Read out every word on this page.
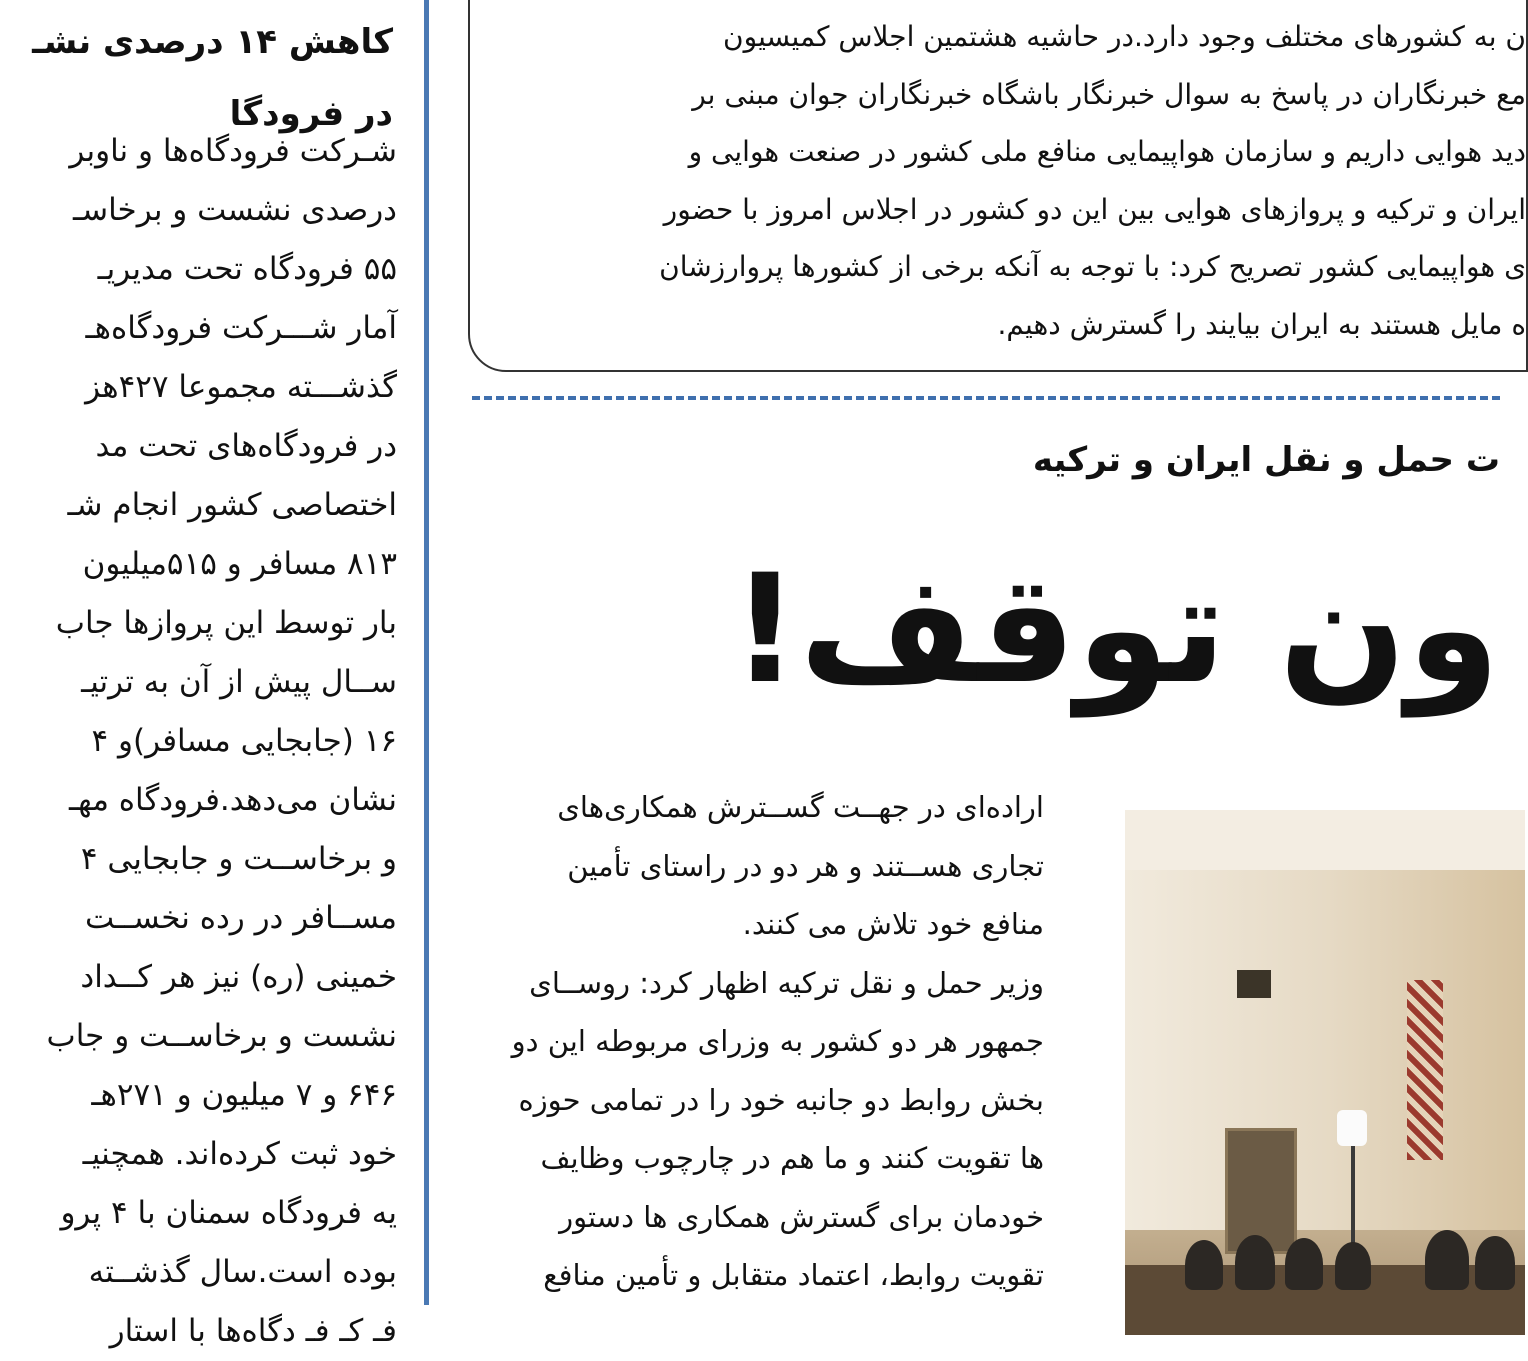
کاهش ۱۴ درصدی نشـ
در فرودگا
شـرکت فرودگاه‌ها و ناوبر
درصدی نشست و برخاسـ
۵۵ فرودگاه تحت مدیریـ
آمار شـــرکت فرودگاه‌هـ
گذشـــته مجموعا ۴۲۷هز
در فرودگاه‌های تحت مد
اختصاصی کشور انجام شـ
۸۱۳ مسافر و ۵۱۵میلیون
بار توسط این پروازها جاب
ســال پیش از آن به ترتیـ
۱۶ (جابجایی مسافر)و ۴
نشان می‌دهد.فرودگاه مهـ
و برخاســت و جابجایی ۴
مســافر در رده نخســت
خمینی (ره) نیز هر کــداد
نشست و برخاســت و جاب
۶۴۶ و ۷ میلیون و ۲۷۱هـ
خود ثبت کرده‌اند. همچنیـ
یه فرودگاه سمنان با ۴ پرو
بوده است.سال گذشــته
فـ کـ فـ دگاه‌ها با استار
ن به کشورهای مختلف وجود دارد.در حاشیه هشتمین اجلاس کمیسیون
مع خبرنگاران در پاسخ به سوال خبرنگار باشگاه خبرنگاران جوان مبنی بر
دید هوایی داریم و سازمان هواپیمایی منافع ملی کشور در صنعت هوایی و
ایران و ترکیه و پروازهای هوایی بین این دو کشور در اجلاس امروز با حضور
ی هواپیمایی کشور تصریح کرد: با توجه به آنکه برخی از کشورها پروارزشان
ه مایل هستند به ایران بیایند را گسترش دهیم.
ت حمل و نقل ایران و ترکیه
ون توقف!
اراده‌ای در جهــت گســترش همکاری‌های
تجاری هســتند و هر دو در راستای تأمین
منافع خود تلاش می کنند.
وزیر حمل و نقل ترکیه اظهار کرد: روســای
جمهور هر دو کشور به وزرای مربوطه این دو
بخش روابط دو جانبه خود را در تمامی حوزه
ها تقویت کنند و ما هم در چارچوب وظایف
خودمان برای گسترش همکاری ها دستور
تقویت روابط، اعتماد متقابل و تأمین منافع
